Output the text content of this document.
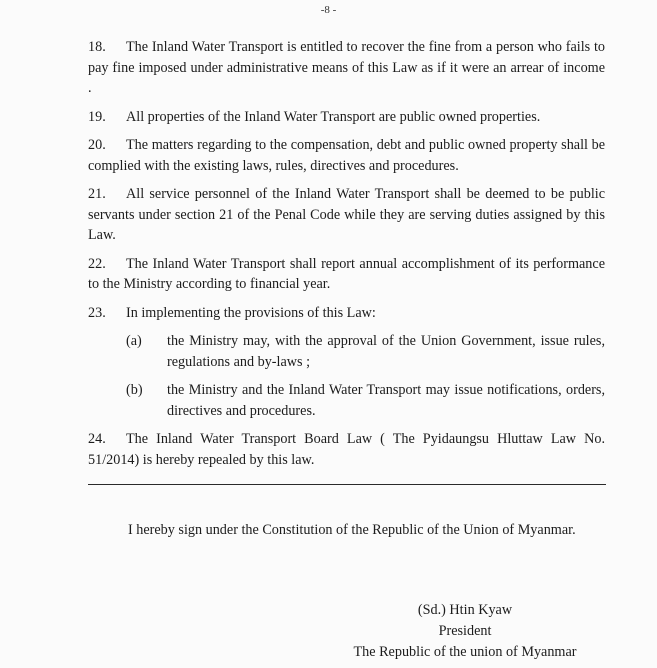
-8 -

18. The Inland Water Transport is entitled to recover the fine from a person who fails to pay fine imposed under administrative means of this Law as if it were an arrear of income .

19. All properties of the Inland Water Transport are public owned properties.

20. The matters regarding to the compensation, debt and public owned property shall be complied with the existing laws, rules, directives and procedures.

21. All service personnel of the Inland Water Transport shall be deemed to be public servants under section 21 of the Penal Code while they are serving duties assigned by this Law.

22. The Inland Water Transport shall report annual accomplishment of its performance to the Ministry according to financial year.

23. In implementing the provisions of this Law:

(a)	the Ministry may, with the approval of the Union Government, issue rules, regulations and by-laws ;
(b)	the Ministry and the Inland Water Transport may issue notifications, orders, directives and procedures.

24. The Inland Water Transport Board Law ( The Pyidaungsu Hluttaw Law No. 51/2014) is hereby repealed by this law.

I hereby sign under the Constitution of the Republic of the Union of Myanmar.
(Sd.) Htin Kyaw
President
The Republic of the union of Myanmar
